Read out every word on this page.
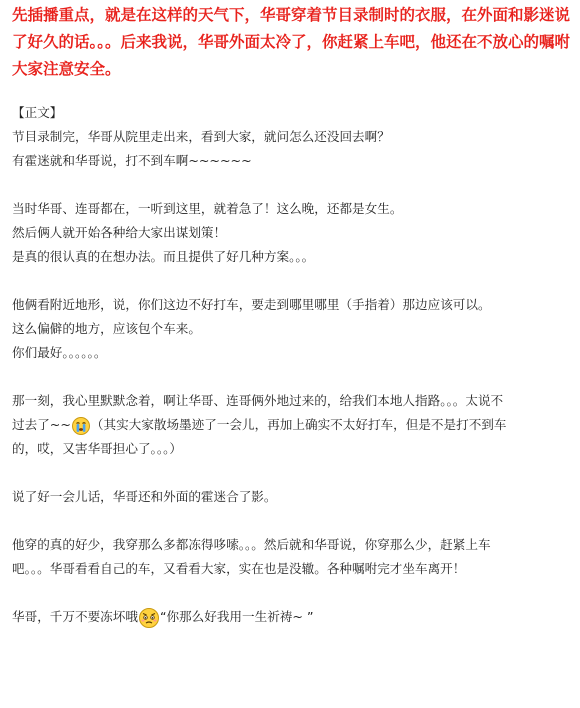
先插播重点，就是在这样的天气下，华哥穿着节目录制时的衣服，在外面和影迷说了好久的话。。。后来我说，华哥外面太冷了，你赶紧上车吧，他还在不放心的嘱咐大家注意安全。

【正文】
节目录制完，华哥从院里走出来，看到大家，就问怎么还没回去啊？
有霍迷就和华哥说，打不到车啊~~~~~~
当时华哥、连哥都在，一听到这里，就着急了！这么晚，还都是女生。
然后俩人就开始各种给大家出谋划策！
是真的很认真的在想办法。而且提供了好几种方案。。。
他俩看附近地形，说，你们这边不好打车，要走到哪里哪里（手指着）那边应该可以。
这么偏僻的地方，应该包个车来。
你们最好。。。。。。
那一刻，我心里默默念着，啊让华哥、连哥俩外地过来的，给我们本地人指路。。。太说不
过去了~~ （其实大家散场墨迹了一会儿，再加上确实不太好打车，但是不是打不到车
的，哎，又害华哥担心了。。。）
说了好一会儿话，华哥还和外面的霍迷合了影。
他穿的真的好少，我穿那么多都冻得哆嗦。。。然后就和华哥说，你穿那么少，赶紧上车
吧。。。华哥看看自己的车，又看看大家，实在也是没辙。各种嘱咐完才坐车离开！
华哥，千万不要冻坏哦 “你那么好我用一生祈祷~ ”
